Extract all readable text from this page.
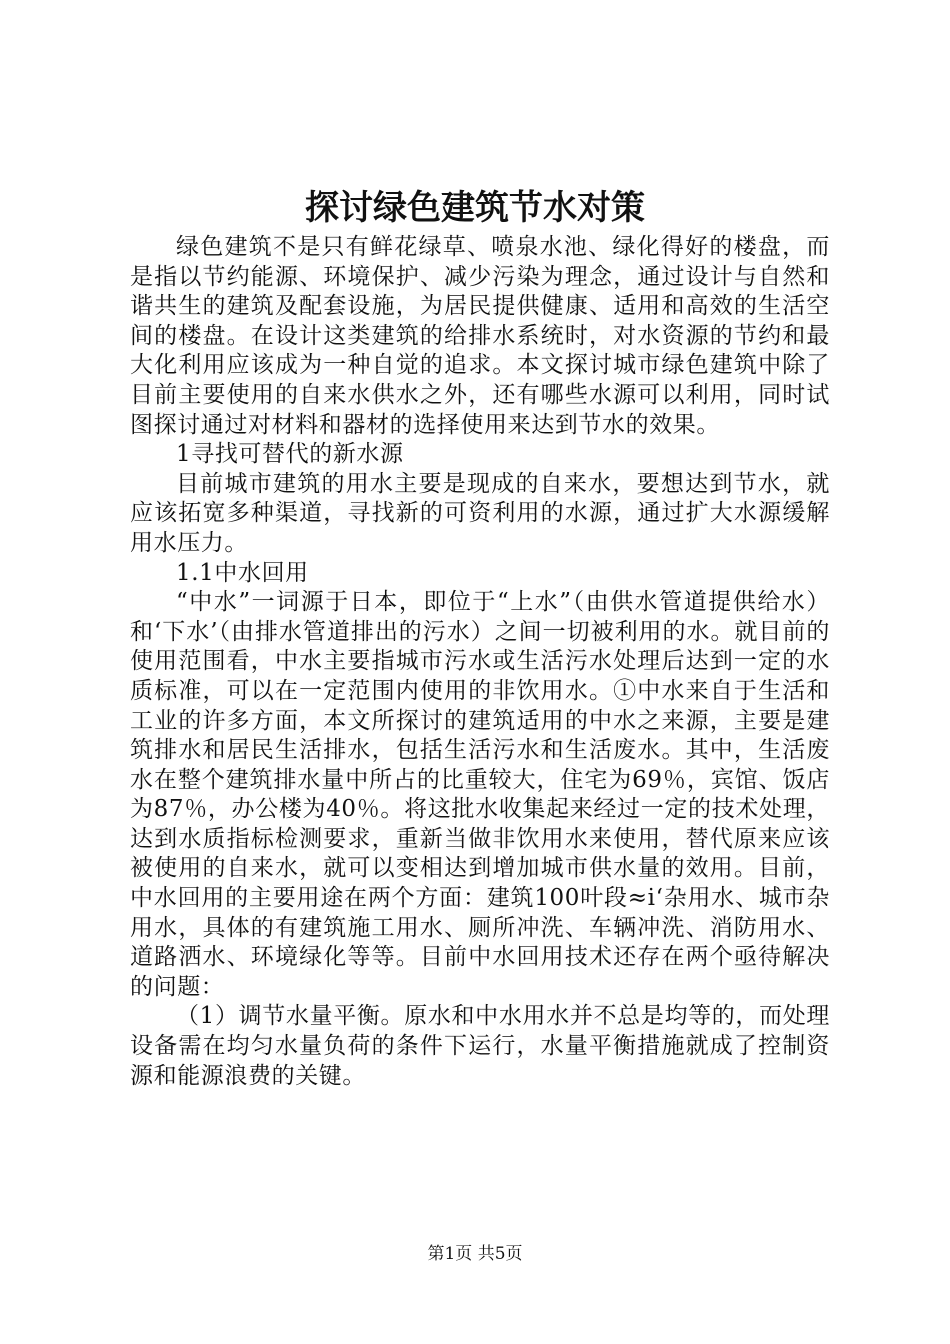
探讨绿色建筑节水对策

绿色建筑不是只有鲜花绿草、喷泉水池、绿化得好的楼盘，而是指以节约能源、环境保护、减少污染为理念，通过设计与自然和谐共生的建筑及配套设施，为居民提供健康、适用和高效的生活空间的楼盘。在设计这类建筑的给排水系统时，对水资源的节约和最大化利用应该成为一种自觉的追求。本文探讨城市绿色建筑中除了目前主要使用的自来水供水之外，还有哪些水源可以利用，同时试图探讨通过对材料和器材的选择使用来达到节水的效果。

1寻找可替代的新水源

目前城市建筑的用水主要是现成的自来水，要想达到节水，就应该拓宽多种渠道，寻找新的可资利用的水源，通过扩大水源缓解用水压力。

1.1中水回用

“中水”一词源于日本，即位于“上水”（由供水管道提供给水）和‘下水’（由排水管道排出的污水）之间一切被利用的水。就目前的使用范围看，中水主要指城市污水或生活污水处理后达到一定的水质标准，可以在一定范围内使用的非饮用水。①中水来自于生活和工业的许多方面，本文所探讨的建筑适用的中水之来源，主要是建筑排水和居民生活排水，包括生活污水和生活废水。其中，生活废水在整个建筑排水量中所占的比重较大，住宅为69％，宾馆、饭店为87％，办公楼为40％。将这批水收集起来经过一定的技术处理，达到水质指标检测要求，重新当做非饮用水来使用，替代原来应该被使用的自来水，就可以变相达到增加城市供水量的效用。目前，中水回用的主要用途在两个方面：建筑100叶段≈i‘杂用水、城市杂用水，具体的有建筑施工用水、厕所冲洗、车辆冲洗、消防用水、道路洒水、环境绿化等等。目前中水回用技术还存在两个亟待解决的问题：

（1）调节水量平衡。原水和中水用水并不总是均等的，而处理设备需在均匀水量负荷的条件下运行，水量平衡措施就成了控制资源和能源浪费的关键。

第1页 共5页
